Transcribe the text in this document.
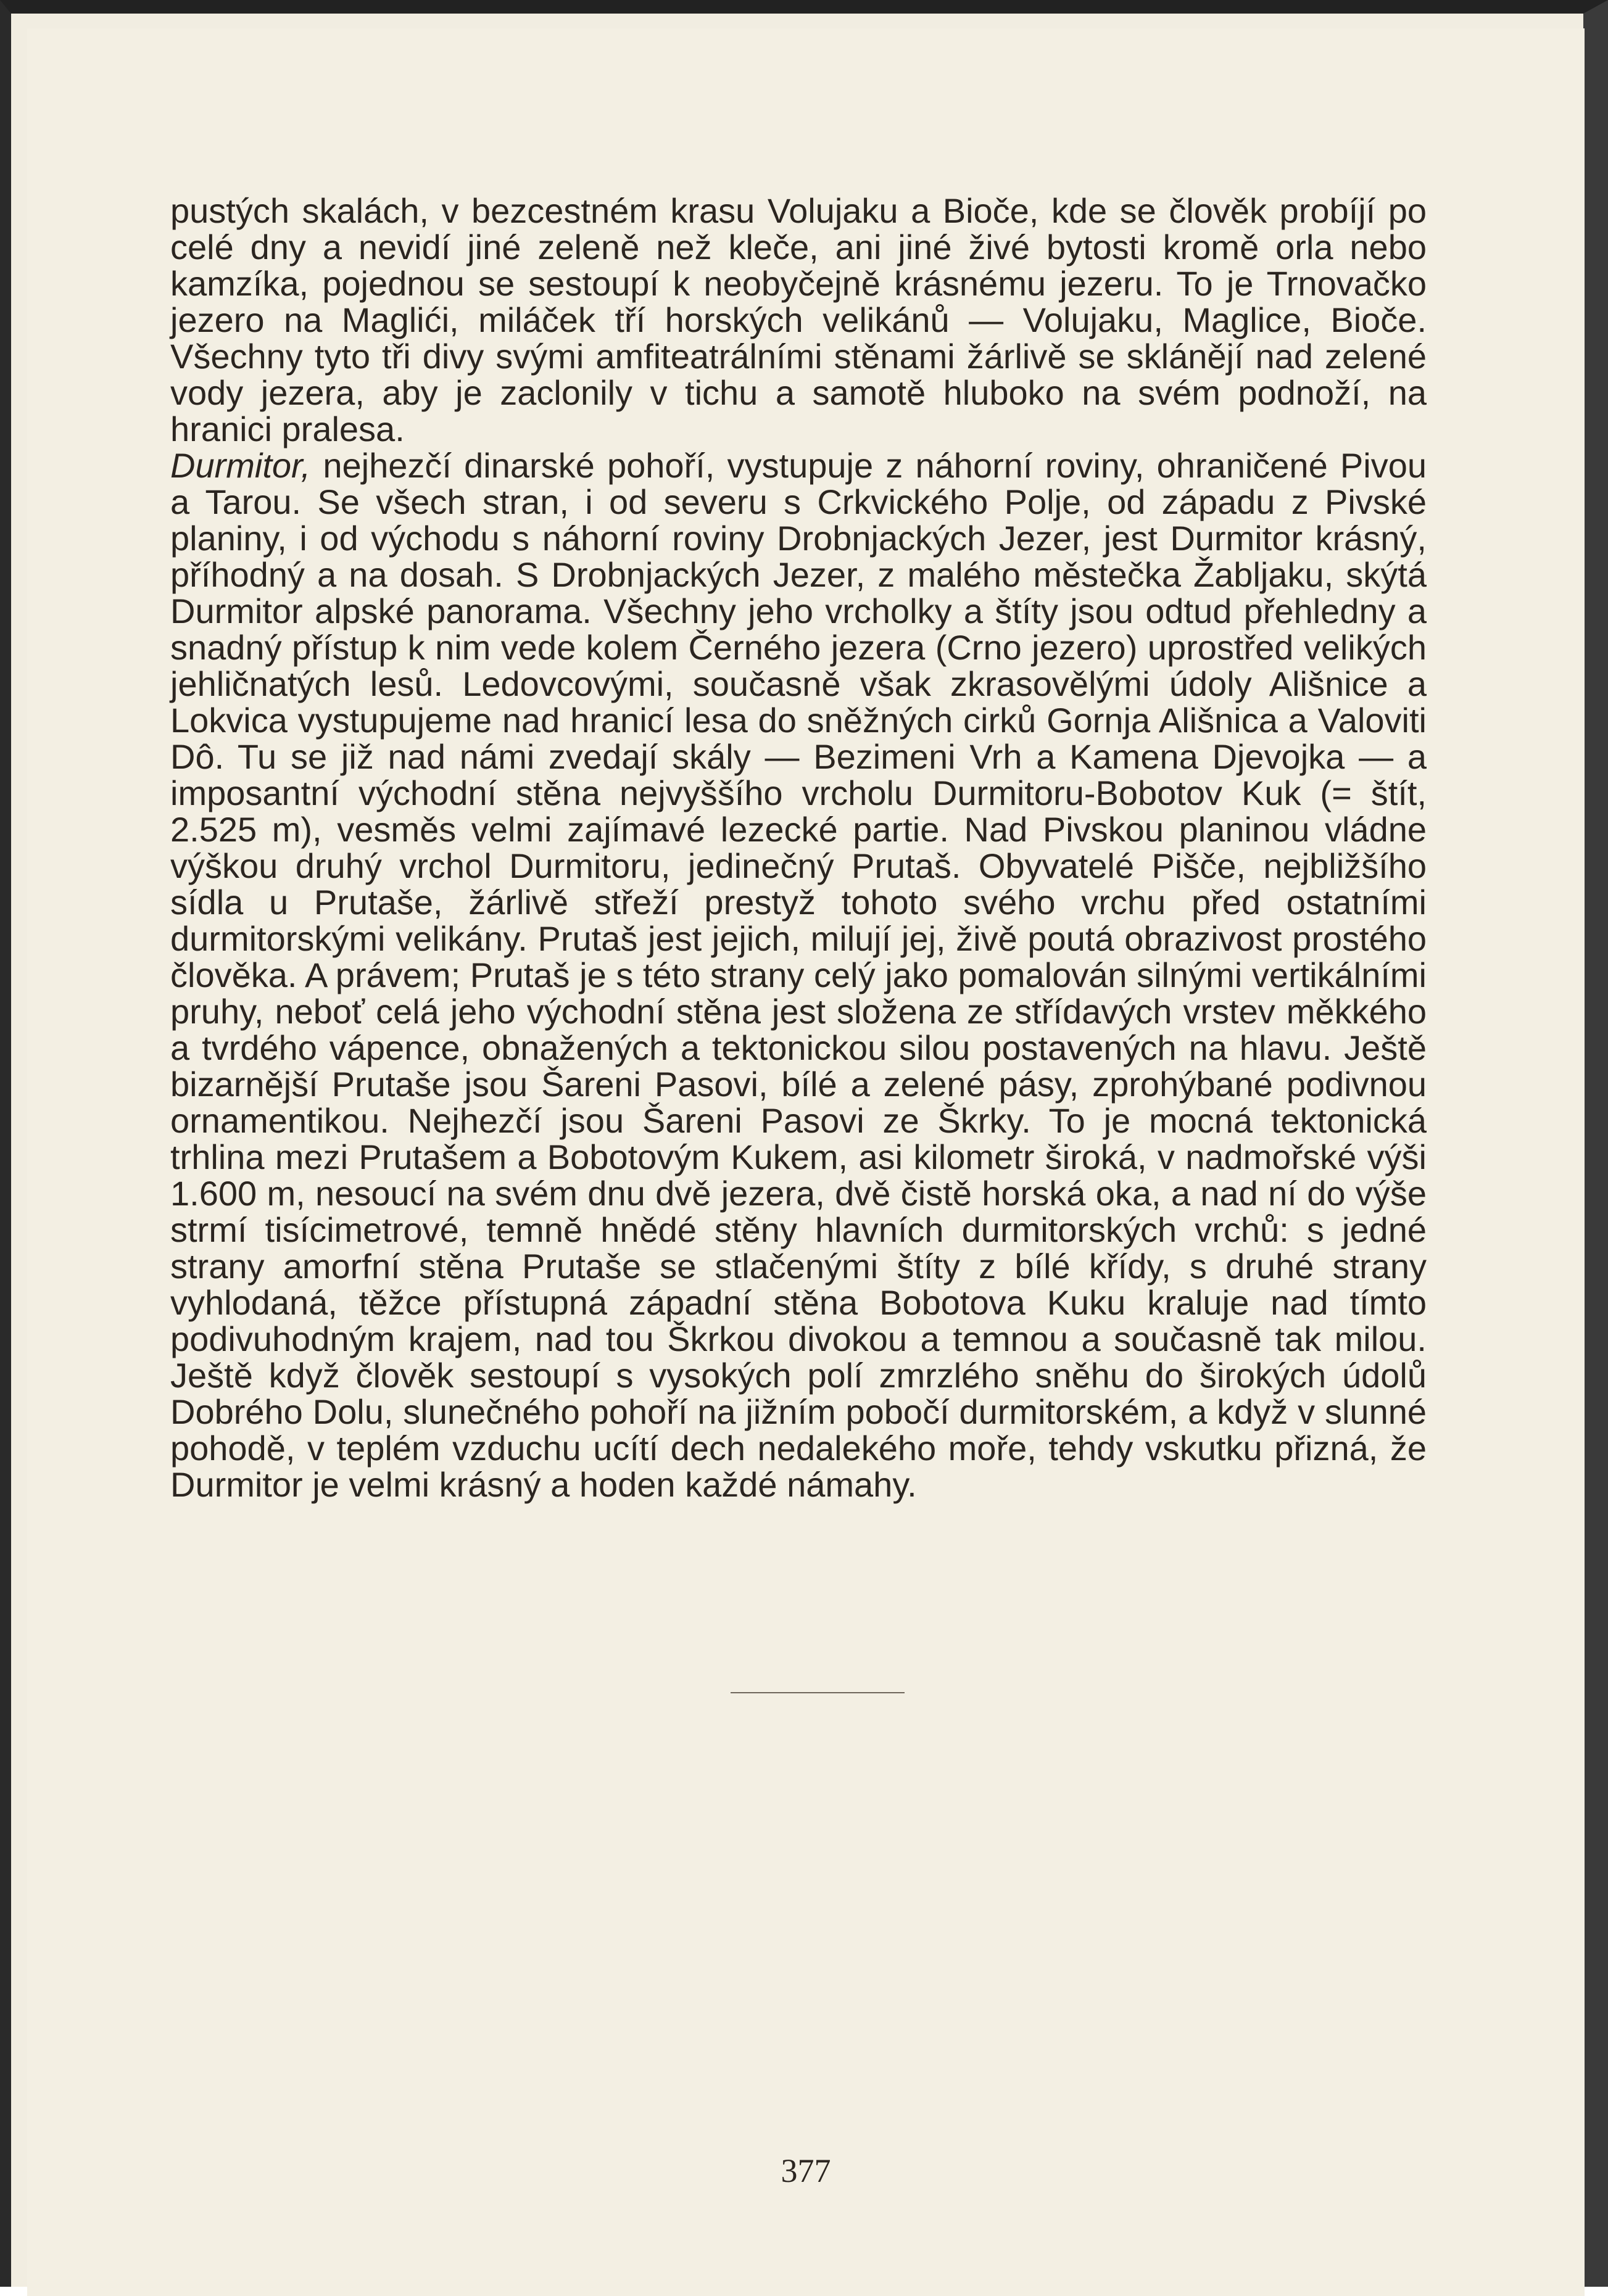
pustých skalách, v bezcestném krasu Volujaku a Bioče, kde se člověk probíjí po celé dny a nevidí jiné zeleně než kleče, ani jiné živé bytosti kromě orla nebo kamzíka, pojednou se sestoupí k neobyčejně krásnému jezeru. To je Trnovačko jezero na Maglići, miláček tří horských velikánů — Volujaku, Maglice, Bioče. Všechny tyto tři divy svými amfiteatrálními stěnami žárlivě se sklánějí nad zelené vody jezera, aby je zaclonily v tichu a samotě hluboko na svém podnoží, na hranici pralesa.

Durmitor, nejhezčí dinarské pohoří, vystupuje z náhorní roviny, ohraničené Pivou a Tarou. Se všech stran, i od severu s Crkvického Polje, od západu z Pivské planiny, i od východu s náhorní roviny Drobnjackých Jezer, jest Durmitor krásný, příhodný a na dosah. S Drobnjackých Jezer, z malého městečka Žabljaku, skýtá Durmitor alpské panorama. Všechny jeho vrcholky a štíty jsou odtud přehledny a snadný přístup k nim vede kolem Černého jezera (Crno jezero) uprostřed velikých jehličnatých lesů. Ledovcovými, současně však zkrasovělými údoly Ališnice a Lokvica vystupujeme nad hranicí lesa do sněžných cirků Gornja Ališnica a Valoviti Dô. Tu se již nad námi zvedají skály — Bezimeni Vrh a Kamena Djevojka — a imposantní východní stěna nejvyššího vrcholu Durmitoru-Bobotov Kuk (= štít, 2.525 m), vesměs velmi zajímavé lezecké partie. Nad Pivskou planinou vládne výškou druhý vrchol Durmitoru, jedinečný Prutaš. Obyvatelé Pišče, nejbližšího sídla u Prutaše, žárlivě střeží prestyž tohoto svého vrchu před ostatními durmitorskými velikány. Prutaš jest jejich, milují jej, živě poutá obrazivost prostého člověka. A právem; Prutaš je s této strany celý jako pomalován silnými vertikálními pruhy, neboť celá jeho východní stěna jest složena ze střídavých vrstev měkkého a tvrdého vápence, obnažených a tektonickou silou postavených na hlavu. Ještě bizarnější Prutaše jsou Šareni Pasovi, bílé a zelené pásy, zprohýbané podivnou ornamentikou. Nejhezčí jsou Šareni Pasovi ze Škrky. To je mocná tektonická trhlina mezi Prutašem a Bobotovým Kukem, asi kilometr široká, v nadmořské výši 1.600 m, nesoucí na svém dnu dvě jezera, dvě čistě horská oka, a nad ní do výše strmí tisícimetrové, temně hnědé stěny hlavních durmitorských vrchů: s jedné strany amorfní stěna Prutaše se stlačenými štíty z bílé křídy, s druhé strany vyhlodaná, těžce přístupná západní stěna Bobotova Kuku kraluje nad tímto podivuhodným krajem, nad tou Škrkou divokou a temnou a současně tak milou. Ještě když člověk sestoupí s vysokých polí zmrzlého sněhu do širokých údolů Dobrého Dolu, slunečného pohoří na jižním pobočí durmitorském, a když v slunné pohodě, v teplém vzduchu ucítí dech nedalekého moře, tehdy vskutku přizná, že Durmitor je velmi krásný a hoden každé námahy.

377
